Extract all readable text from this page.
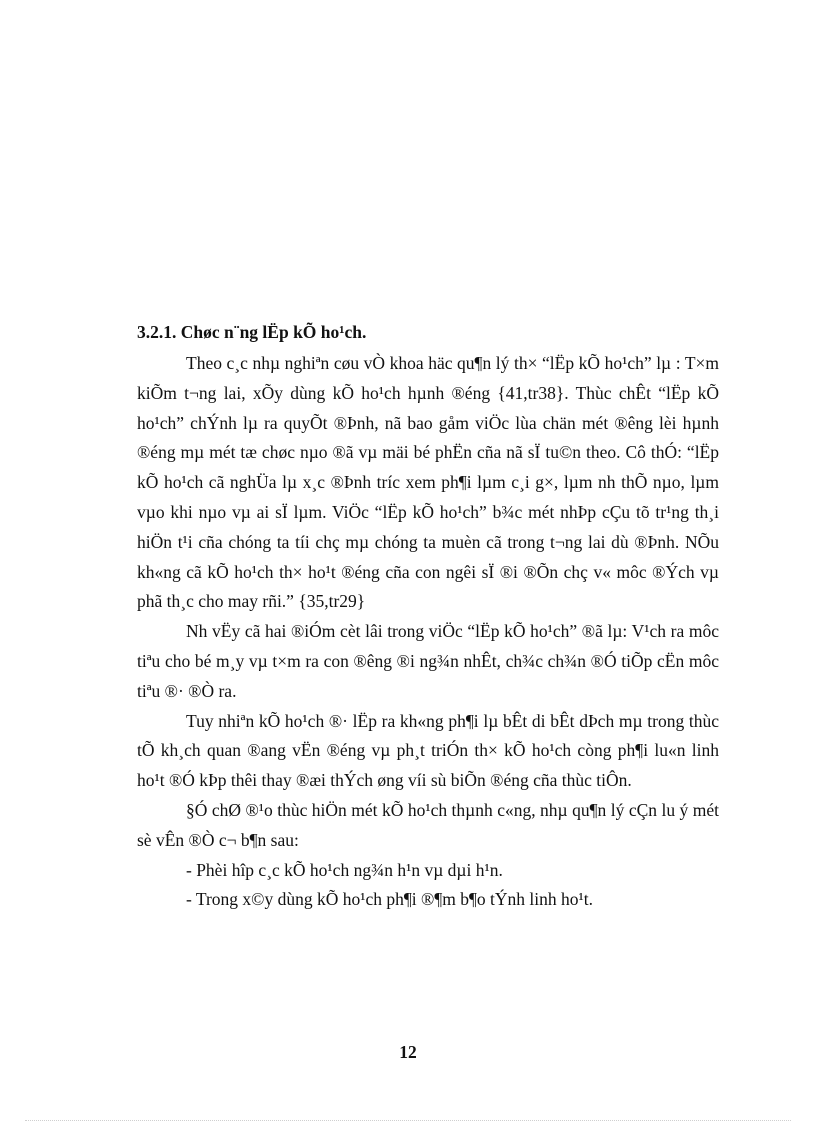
3.2.1. Chøc n¨ng lËp kÕ ho¹ch.

Theo c¸c nhµ nghiªn cøu vÒ khoa häc qu¶n lý th× “lËp kÕ ho¹ch” lµ : T×m kiÕm t¬ng lai, xÕy dùng kÕ ho¹ch hµnh ®éng {41,tr38}. Thùc chÊt “lËp kÕ ho¹ch” chÝnh lµ ra quyÕt ®Þnh, nã bao gåm viÖc lùa chän mét ®êng lèi hµnh ®éng mµ mét tæ chøc nµo ®ã vµ mäi bé phËn cña nã sÏ tu©n theo. Cô thÓ: “lËp kÕ ho¹ch cã nghÜa lµ x¸c ®Þnh tríc xem ph¶i lµm c¸i g×, lµm nh thÕ nµo, lµm vµo khi nµo vµ ai sÏ lµm. ViÖc “lËp kÕ ho¹ch” b¾c mét nhÞp cÇu tõ tr¹ng th¸i hiÖn t¹i cña chóng ta tíi chç mµ chóng ta muèn cã trong t¬ng lai dù ®Þnh. NÕu kh«ng cã kÕ ho¹ch th× ho¹t ®éng cña con ngêi sÏ ®i ®Õn chç v« môc ®Ých vµ phã th¸c cho may rñi.” {35,tr29}

Nh vËy cã hai ®iÓm cèt lâi trong viÖc “lËp kÕ ho¹ch” ®ã lµ: V¹ch ra môc tiªu cho bé m¸y vµ t×m ra con ®êng ®i ng¾n nhÊt, ch¾c ch¾n ®Ó tiÕp cËn môc tiªu ®· ®Ò ra.

Tuy nhiªn kÕ ho¹ch ®· lËp ra kh«ng ph¶i lµ bÊt di bÊt dÞch mµ trong thùc tÕ kh¸ch quan ®ang vËn ®éng vµ ph¸t triÓn th× kÕ ho¹ch còng ph¶i lu«n linh ho¹t ®Ó kÞp thêi thay ®æi thÝch øng víi sù biÕn ®éng cña thùc tiÔn.

§Ó chØ ®¹o thùc hiÖn mét kÕ ho¹ch thµnh c«ng, nhµ qu¶n lý cÇn lu ý mét sè vÊn ®Ò c¬ b¶n sau:

- Phèi hîp c¸c kÕ ho¹ch ng¾n h¹n vµ dµi h¹n.

- Trong x©y dùng kÕ ho¹ch ph¶i ®¶m b¶o tÝnh linh ho¹t.

12
